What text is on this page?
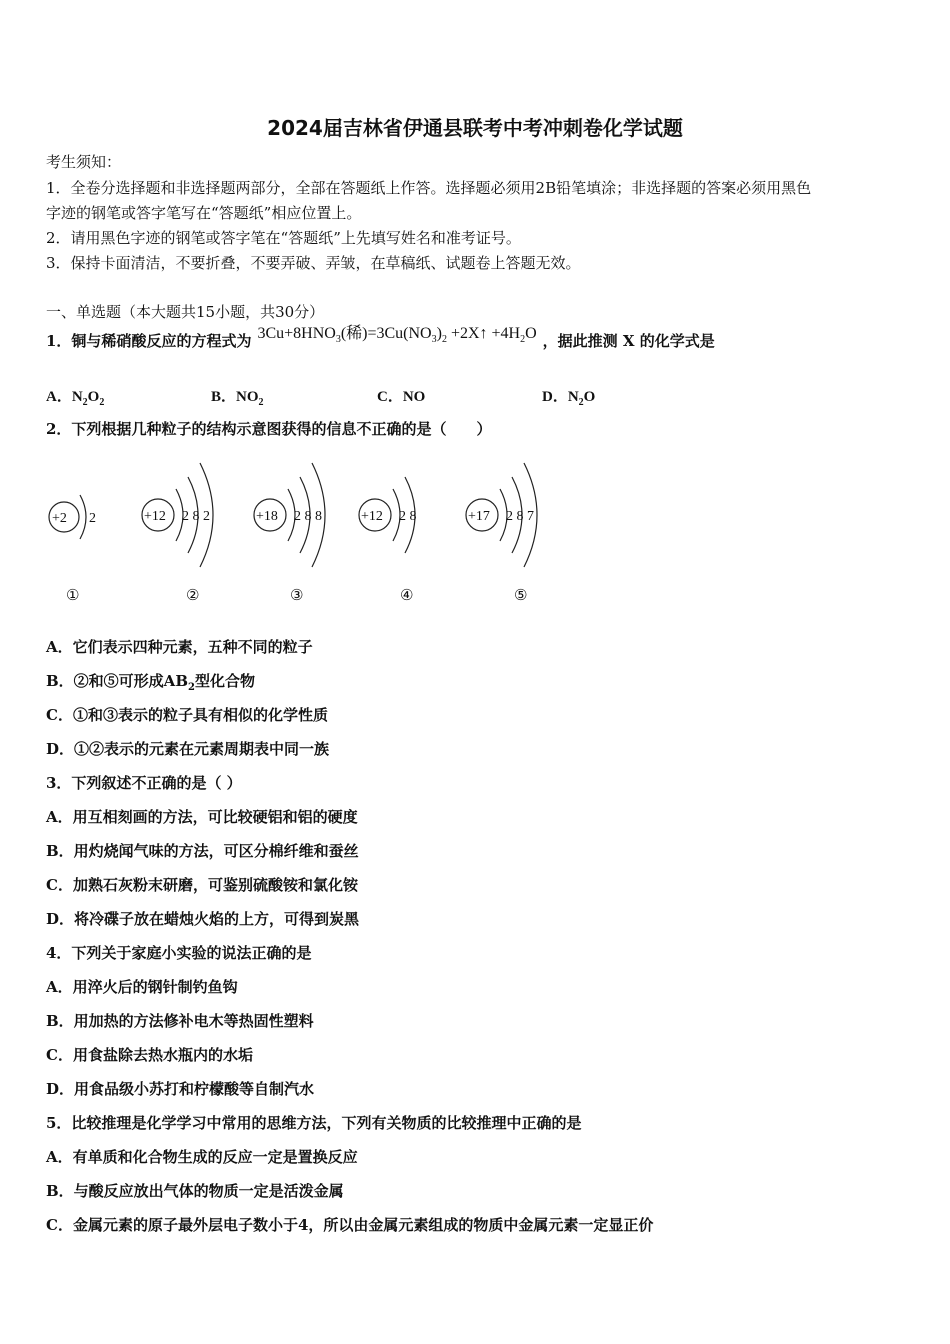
2024届吉林省伊通县联考中考冲刺卷化学试题
考生须知：
1．全卷分选择题和非选择题两部分，全部在答题纸上作答。选择题必须用2B铅笔填涂；非选择题的答案必须用黑色
字迹的钢笔或答字笔写在“答题纸”相应位置上。
2．请用黑色字迹的钢笔或答字笔在“答题纸”上先填写姓名和准考证号。
3．保持卡面清洁，不要折叠，不要弄破、弄皱，在草稿纸、试题卷上答题无效。
一、单选题（本大题共15小题，共30分）
1．铜与稀硝酸反应的方程式为 $3Cu+8HNO_3$(稀)$=3Cu(NO_3)_2$ +2X↑ $+4H_2O$ ，据此推测 X 的化学式是
A．$N_2O_2$	B．$NO_2$	C．NO	D．$N_2O$
2．下列根据几种粒子的结构示意图获得的信息不正确的是（　　）
+2 2	+12 2 8 2	+18 2 8 8	+12 2 8	+17 2 8 7
①	②	③	④	⑤
A．它们表示四种元素，五种不同的粒子
B．②和⑤可形成$AB_2$型化合物
C．①和③表示的粒子具有相似的化学性质
D．①②表示的元素在元素周期表中同一族
3．下列叙述不正确的是（ ）
A．用互相刻画的方法，可比较硬铝和铝的硬度
B．用灼烧闻气味的方法，可区分棉纤维和蚕丝
C．加熟石灰粉末研磨，可鉴别硫酸铵和氯化铵
D．将冷碟子放在蜡烛火焰的上方，可得到炭黑
4．下列关于家庭小实验的说法正确的是
A．用淬火后的钢针制钓鱼钩
B．用加热的方法修补电木等热固性塑料
C．用食盐除去热水瓶内的水垢
D．用食品级小苏打和柠檬酸等自制汽水
5．比较推理是化学学习中常用的思维方法，下列有关物质的比较推理中正确的是
A．有单质和化合物生成的反应一定是置换反应
B．与酸反应放出气体的物质一定是活泼金属
C．金属元素的原子最外层电子数小于4，所以由金属元素组成的物质中金属元素一定显正价
